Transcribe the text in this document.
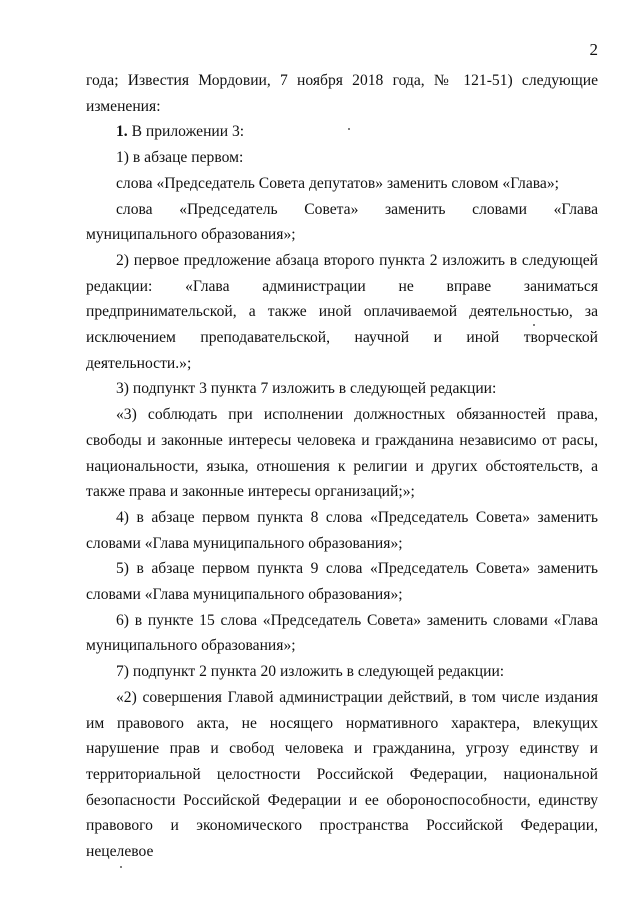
2

года; Известия Мордовии, 7 ноября 2018 года, № 121-51) следующие изменения:

1. В приложении 3:

1) в абзаце первом:

слова «Председатель Совета депутатов» заменить словом «Глава»;

слова «Председатель Совета» заменить словами «Глава муниципального образования»;

2) первое предложение абзаца второго пункта 2 изложить в следующей редакции: «Глава администрации не вправе заниматься предпринимательской, а также иной оплачиваемой деятельностью, за исключением преподавательской, научной и иной творческой деятельности.»;

3) подпункт 3 пункта 7 изложить в следующей редакции:

«3) соблюдать при исполнении должностных обязанностей права, свободы и законные интересы человека и гражданина независимо от расы, национальности, языка, отношения к религии и других обстоятельств, а также права и законные интересы организаций;»;

4) в абзаце первом пункта 8 слова «Председатель Совета» заменить словами «Глава муниципального образования»;

5) в абзаце первом пункта 9 слова «Председатель Совета» заменить словами «Глава муниципального образования»;

6) в пункте 15 слова «Председатель Совета» заменить словами «Глава муниципального образования»;

7) подпункт 2 пункта 20 изложить в следующей редакции:

«2) совершения Главой администрации действий, в том числе издания им правового акта, не носящего нормативного характера, влекущих нарушение прав и свобод человека и гражданина, угрозу единству и территориальной целостности Российской Федерации, национальной безопасности Российской Федерации и ее обороноспособности, единству правового и экономического пространства Российской Федерации, нецелевое
